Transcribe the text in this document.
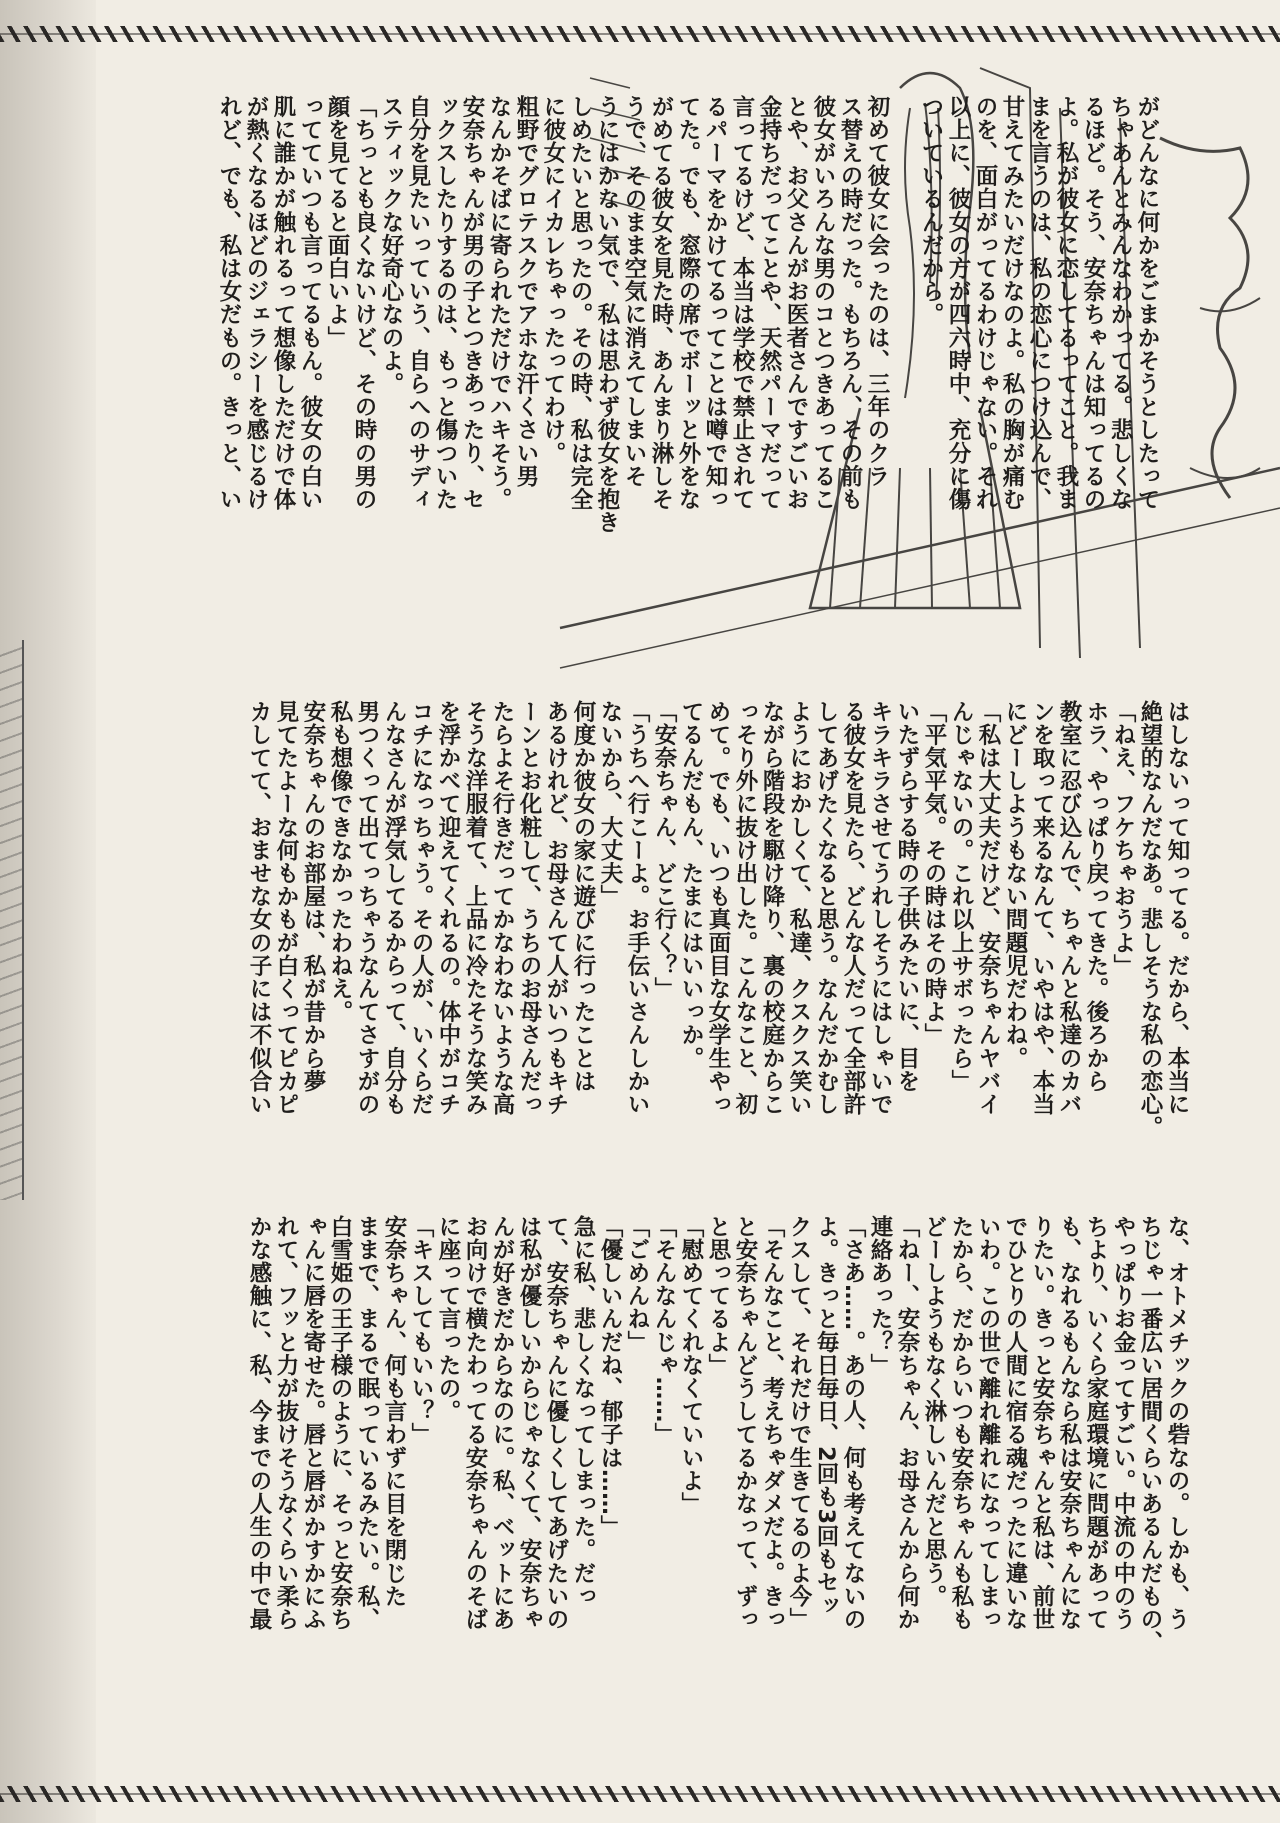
がどんなに何かをごまかそうとしたって
ちゃあんとみんなわかってる。悲しくな
るほど。そう、安奈ちゃんは知ってるの
よ。私が彼女に恋してるってこと。我ま
まを言うのは、私の恋心につけ込んで、
甘えてみたいだけなのよ。私の胸が痛む
のを、面白がってるわけじゃない。それ
以上に、彼女の方が四六時中、充分に傷
ついているんだから。
初めて彼女に会ったのは、三年のクラ
ス替えの時だった。もちろん、その前も
彼女がいろんな男のコとつきあってるこ
とや、お父さんがお医者さんですごいお
金持ちだってことや、天然パーマだって
言ってるけど、本当は学校で禁止されて
るパーマをかけてるってことは噂で知っ
てた。でも、窓際の席でボーッと外をな
がめてる彼女を見た時、あんまり淋しそ
うで、そのまま空気に消えてしまいそ
うにはかない気で、私は思わず彼女を抱き
しめたいと思ったの。その時、私は完全
に彼女にイカレちゃったってわけ。
粗野でグロテスクでアホな汗くさい男
なんかそばに寄られただけでハキそう。
安奈ちゃんが男の子とつきあったり、セ
ックスしたりするのは、もっと傷ついた
自分を見たいっていう、自らへのサディ
スティックな好奇心なのよ。
「ちっとも良くないけど、その時の男の
顔を見てると面白いよ」
ってていつも言ってるもん。彼女の白い
肌に誰かが触れるって想像しただけで体
が熱くなるほどのジェラシーを感じるけ
れど、でも、私は女だもの。きっと、い
はしないって知ってる。だから、本当に
絶望的なんだなあ。悲しそうな私の恋心。
「ねえ、フケちゃおうよ」
ホラ、やっぱり戻ってきた。後ろから
教室に忍び込んで、ちゃんと私達のカバ
ンを取って来るなんて、いやはや、本当
にどーしようもない問題児だわね。
「私は大丈夫だけど、安奈ちゃんヤバイ
んじゃないの。これ以上サボったら」
「平気平気。その時はその時よ」
いたずらする時の子供みたいに、目を
キラキラさせてうれしそうにはしゃいで
る彼女を見たら、どんな人だって全部許
してあげたくなると思う。なんだかむし
ようにおかしくて、私達、クスクス笑い
ながら階段を駆け降り、裏の校庭からこ
っそり外に抜け出した。こんなこと、初
めて。でも、いつも真面目な女学生やっ
てるんだもん、たまにはいいっか。
「安奈ちゃん、どこ行く？」
「うちへ行こーよ。お手伝いさんしかい
ないから、大丈夫」
何度か彼女の家に遊びに行ったことは
あるけれど、お母さんて人がいつもキチ
ーンとお化粧して、うちのお母さんだっ
たらよそ行きだってかなわないような高
そうな洋服着て、上品に冷たそうな笑み
を浮かべて迎えてくれるの。体中がコチ
コチになっちゃう。その人が、いくらだ
んなさんが浮気してるからって、自分も
男つくって出てっちゃうなんてさすがの
私も想像できなかったわねえ。
安奈ちゃんのお部屋は、私が昔から夢
見てたよーな何もかもが白くってピカピ
カしてて、おませな女の子には不似合い
な、オトメチックの砦なの。しかも、う
ちじゃ一番広い居間くらいあるんだもの、
やっぱりお金ってすごい。中流の中のう
ちより、いくら家庭環境に問題があって
も、なれるもんなら私は安奈ちゃんにな
りたい。きっと安奈ちゃんと私は、前世
でひとりの人間に宿る魂だったに違いな
いわ。この世で離れ離れになってしまっ
たから、だからいつも安奈ちゃんも私も
どーしようもなく淋しいんだと思う。
「ねー、安奈ちゃん、お母さんから何か
連絡あった？」
「さあ……。あの人、何も考えてないの
よ。きっと毎日毎日、2回も3回もセッ
クスして、それだけで生きてるのよ今」
「そんなこと、考えちゃダメだよ。きっ
と安奈ちゃんどうしてるかなって、ずっ
と思ってるよ」
「慰めてくれなくていいよ」
「そんなんじゃ……」
「ごめんね」
「優しいんだね、郁子は……」
急に私、悲しくなってしまった。だっ
て、安奈ちゃんに優しくしてあげたいの
は私が優しいからじゃなくて、安奈ちゃ
んが好きだからなのに。私、ベットにあ
お向けで横たわってる安奈ちゃんのそば
に座って言ったの。
「キスしてもいい？」
安奈ちゃん、何も言わずに目を閉じた
ままで、まるで眠っているみたい。私、
白雪姫の王子様のように、そっと安奈ち
ゃんに唇を寄せた。唇と唇がかすかにふ
れて、フッと力が抜けそうなくらい柔ら
かな感触に、私、今までの人生の中で最
